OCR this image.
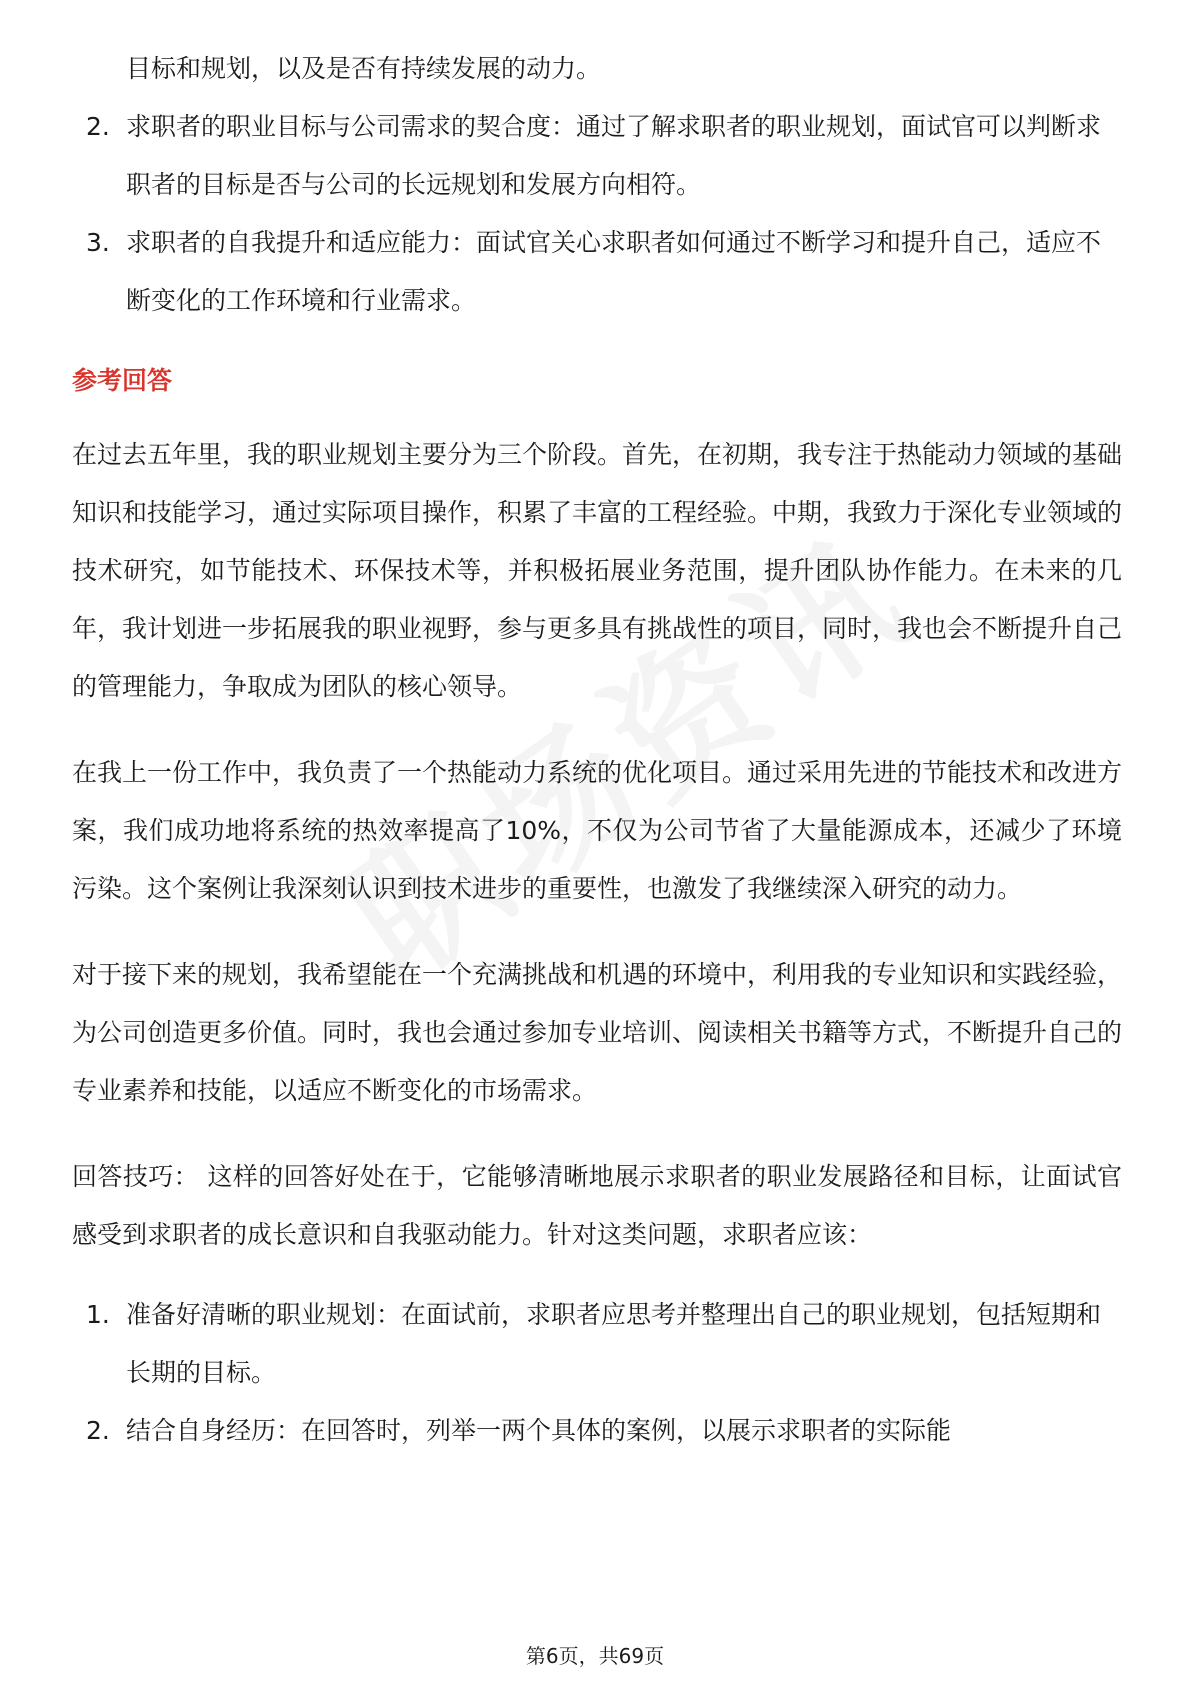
目标和规划，以及是否有持续发展的动力。
2. 求职者的职业目标与公司需求的契合度：通过了解求职者的职业规划，面试官可以判断求职者的目标是否与公司的长远规划和发展方向相符。
3. 求职者的自我提升和适应能力：面试官关心求职者如何通过不断学习和提升自己，适应不断变化的工作环境和行业需求。
参考回答

在过去五年里，我的职业规划主要分为三个阶段。首先，在初期，我专注于热能动力领域的基础知识和技能学习，通过实际项目操作，积累了丰富的工程经验。中期，我致力于深化专业领域的技术研究，如节能技术、环保技术等，并积极拓展业务范围，提升团队协作能力。在未来的几年，我计划进一步拓展我的职业视野，参与更多具有挑战性的项目，同时，我也会不断提升自己的管理能力，争取成为团队的核心领导。

在我上一份工作中，我负责了一个热能动力系统的优化项目。通过采用先进的节能技术和改进方案，我们成功地将系统的热效率提高了10%，不仅为公司节省了大量能源成本，还减少了环境污染。这个案例让我深刻认识到技术进步的重要性，也激发了我继续深入研究的动力。

对于接下来的规划，我希望能在一个充满挑战和机遇的环境中，利用我的专业知识和实践经验，为公司创造更多价值。同时，我也会通过参加专业培训、阅读相关书籍等方式，不断提升自己的专业素养和技能，以适应不断变化的市场需求。

回答技巧： 这样的回答好处在于，它能够清晰地展示求职者的职业发展路径和目标，让面试官感受到求职者的成长意识和自我驱动能力。针对这类问题，求职者应该：

1. 准备好清晰的职业规划：在面试前，求职者应思考并整理出自己的职业规划，包括短期和长期的目标。
2. 结合自身经历：在回答时，列举一两个具体的案例，以展示求职者的实际能
第6页，共69页
